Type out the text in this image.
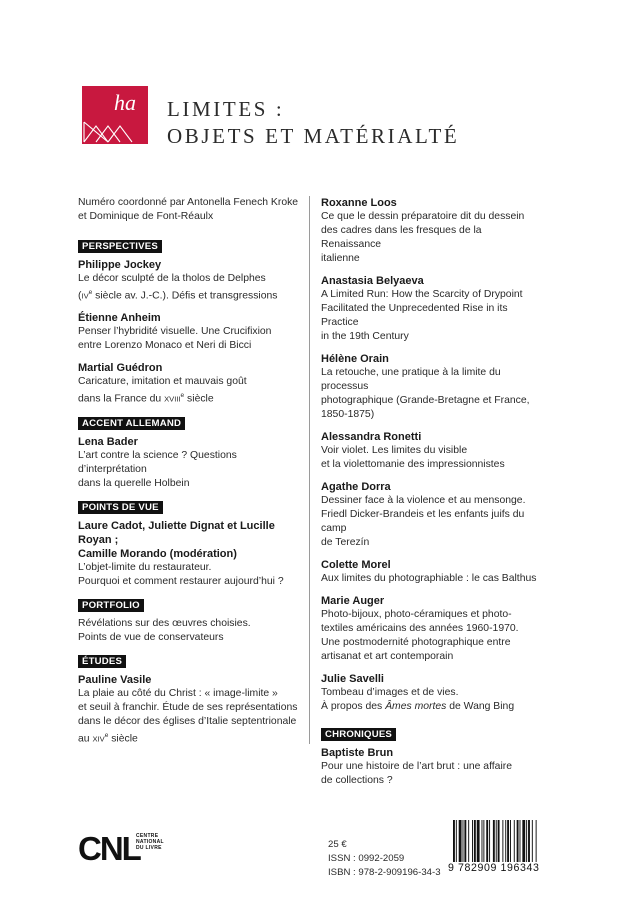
ha LIMITES :
OBJETS ET MATÉRIALTÉ
Numéro coordonné par Antonella Fenech Kroke
et Dominique de Font-Réaulx
PERSPECTIVES
Philippe Jockey
Le décor sculpté de la tholos de Delphes
(IVe siècle av. J.-C.). Défis et transgressions
Étienne Anheim
Penser l’hybridité visuelle. Une Crucifixion
entre Lorenzo Monaco et Neri di Bicci
Martial Guédron
Caricature, imitation et mauvais goût
dans la France du XVIIIe siècle
ACCENT ALLEMAND
Lena Bader
L’art contre la science ? Questions d’interprétation
dans la querelle Holbein
POINTS DE VUE
Laure Cadot, Juliette Dignat et Lucille Royan ;
Camille Morando (modération)
L’objet-limite du restaurateur.
Pourquoi et comment restaurer aujourd’hui ?
PORTFOLIO
Révélations sur des œuvres choisies.
Points de vue de conservateurs
ÉTUDES
Pauline Vasile
La plaie au côté du Christ : « image-limite »
et seuil à franchir. Étude de ses représentations
dans le décor des églises d’Italie septentrionale
au XIVe siècle
Roxanne Loos
Ce que le dessin préparatoire dit du dessein
des cadres dans les fresques de la Renaissance
italienne
Anastasia Belyaeva
A Limited Run: How the Scarcity of Drypoint
Facilitated the Unprecedented Rise in its Practice
in the 19th Century
Hélène Orain
La retouche, une pratique à la limite du processus
photographique (Grande-Bretagne et France,
1850-1875)
Alessandra Ronetti
Voir violet. Les limites du visible
et la violettomanie des impressionnistes
Agathe Dorra
Dessiner face à la violence et au mensonge.
Friedl Dicker-Brandeis et les enfants juifs du camp
de Terezín
Colette Morel
Aux limites du photographiable : le cas Balthus
Marie Auger
Photo-bijoux, photo-céramiques et photo-
textiles américains des années 1960-1970.
Une postmodernité photographique entre
artisanat et art contemporain
Julie Savelli
Tombeau d’images et de vies.
À propos des Âmes mortes de Wang Bing
CHRONIQUES
Baptiste Brun
Pour une histoire de l’art brut : une affaire
de collections ?
CNL
CENTRE
NATIONAL
DU LIVRE	25 €
ISSN : 0992-2059
ISBN : 978-2-909196-34-3 9 782909 196343
